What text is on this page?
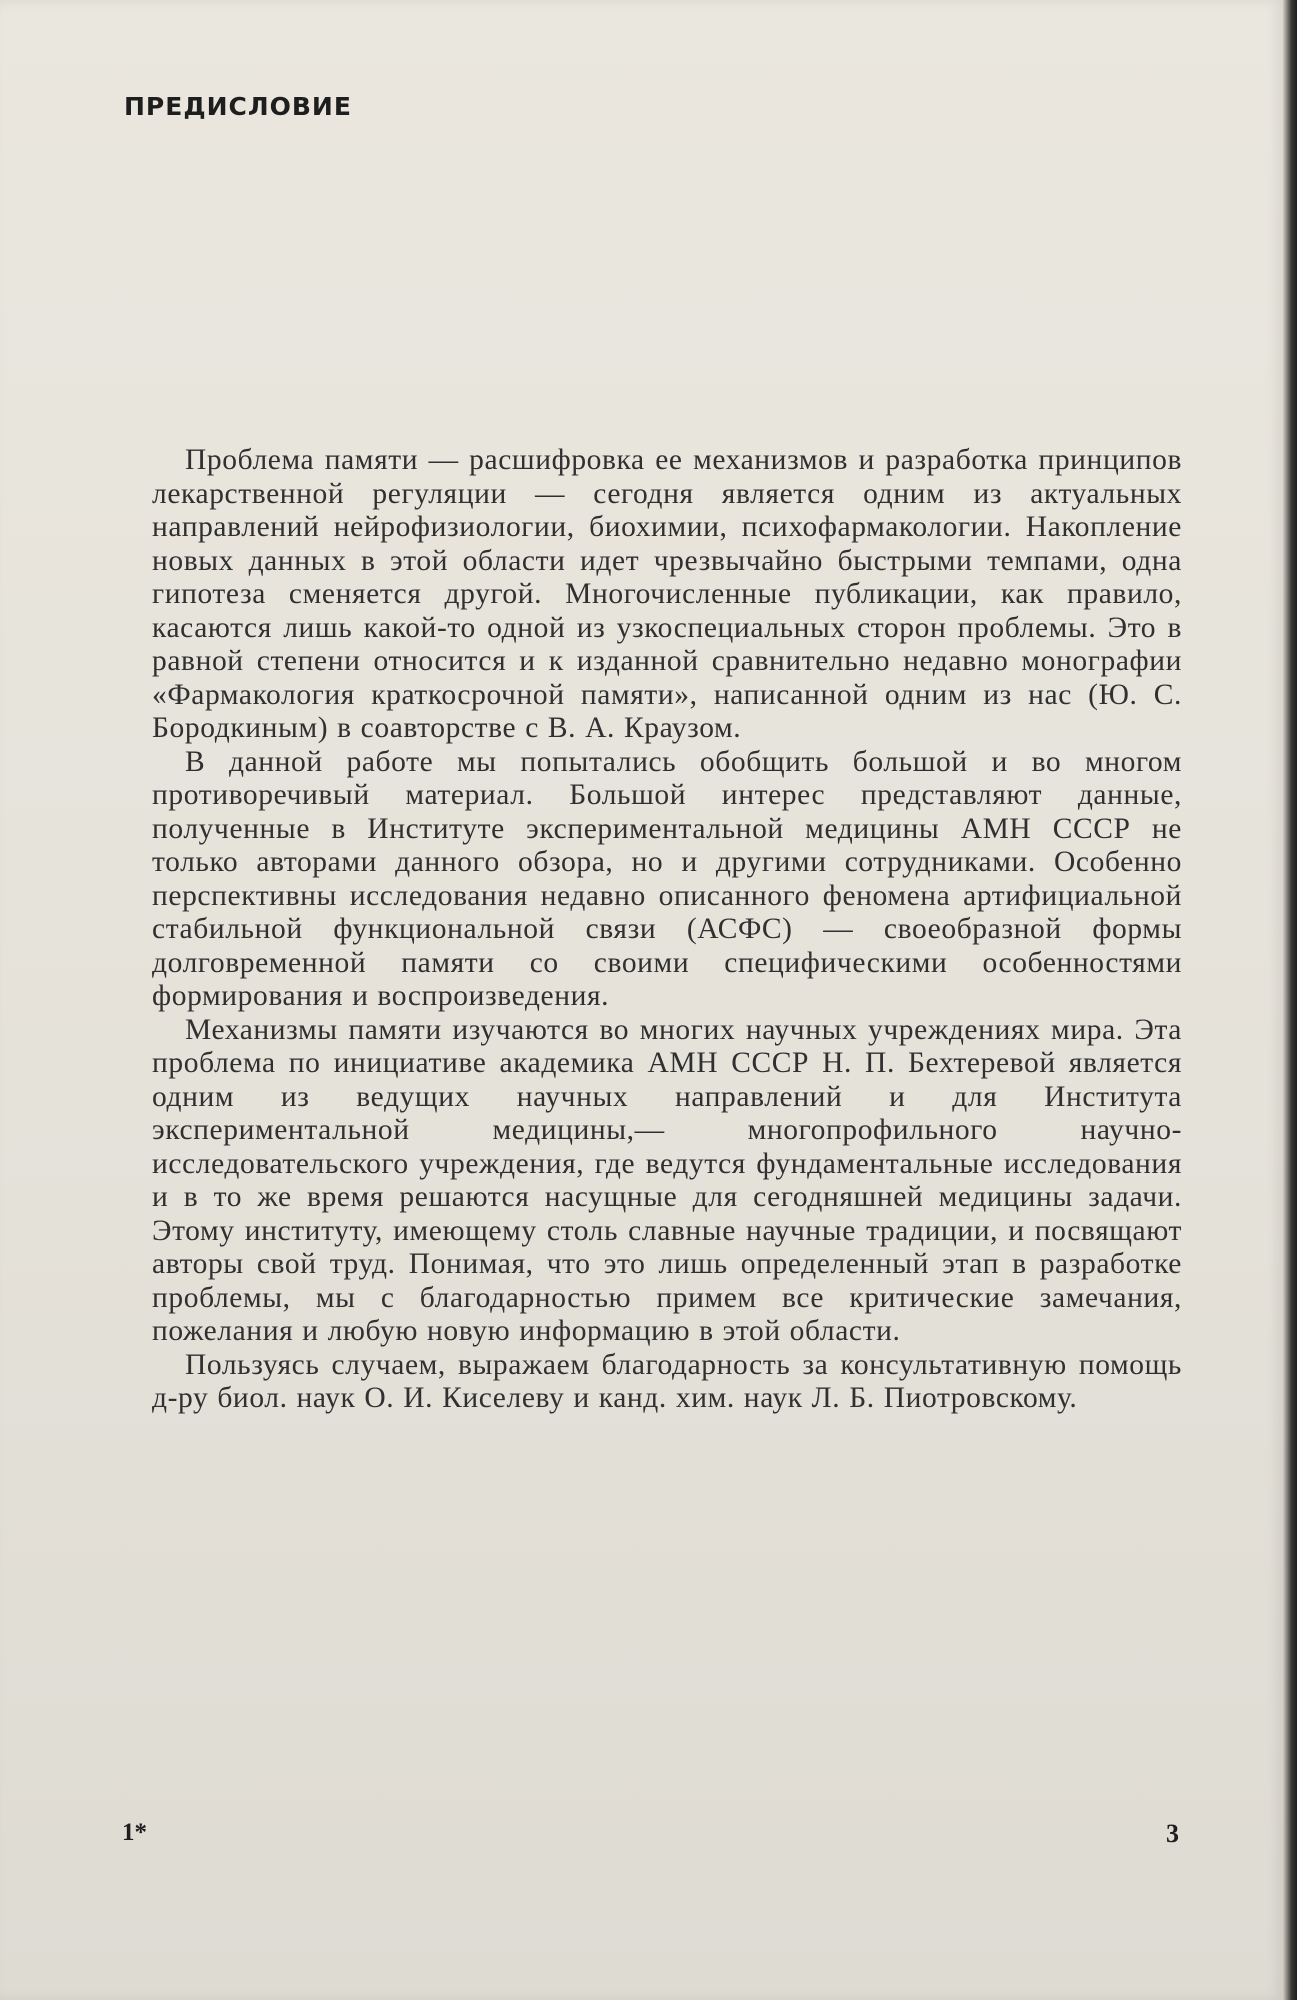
ПРЕДИСЛОВИЕ

Проблема памяти — расшифровка ее механизмов и разработка принципов лекарственной регуляции — сегодня является одним из актуальных направлений нейрофизиологии, биохимии, психофармакологии. Накопление новых данных в этой области идет чрезвычайно быстрыми темпами, одна гипотеза сменяется другой. Многочисленные публикации, как правило, касаются лишь какой-то одной из узкоспециальных сторон проблемы. Это в равной степени относится и к изданной сравнительно недавно монографии «Фармакология краткосрочной памяти», написанной одним из нас (Ю. С. Бородкиным) в соавторстве с В. А. Краузом.

В данной работе мы попытались обобщить большой и во многом противоречивый материал. Большой интерес представляют данные, полученные в Институте экспериментальной медицины АМН СССР не только авторами данного обзора, но и другими сотрудниками. Особенно перспективны исследования недавно описанного феномена артифициальной стабильной функциональной связи (АСФС) — своеобразной формы долговременной памяти со своими специфическими особенностями формирования и воспроизведения.

Механизмы памяти изучаются во многих научных учреждениях мира. Эта проблема по инициативе академика АМН СССР Н. П. Бехтеревой является одним из ведущих научных направлений и для Института экспериментальной медицины,— многопрофильного научно-исследовательского учреждения, где ведутся фундаментальные исследования и в то же время решаются насущные для сегодняшней медицины задачи. Этому институту, имеющему столь славные научные традиции, и посвящают авторы свой труд. Понимая, что это лишь определенный этап в разработке проблемы, мы с благодарностью примем все критические замечания, пожелания и любую новую информацию в этой области.

Пользуясь случаем, выражаем благодарность за консультативную помощь д-ру биол. наук О. И. Киселеву и канд. хим. наук Л. Б. Пиотровскому.

1*	3
